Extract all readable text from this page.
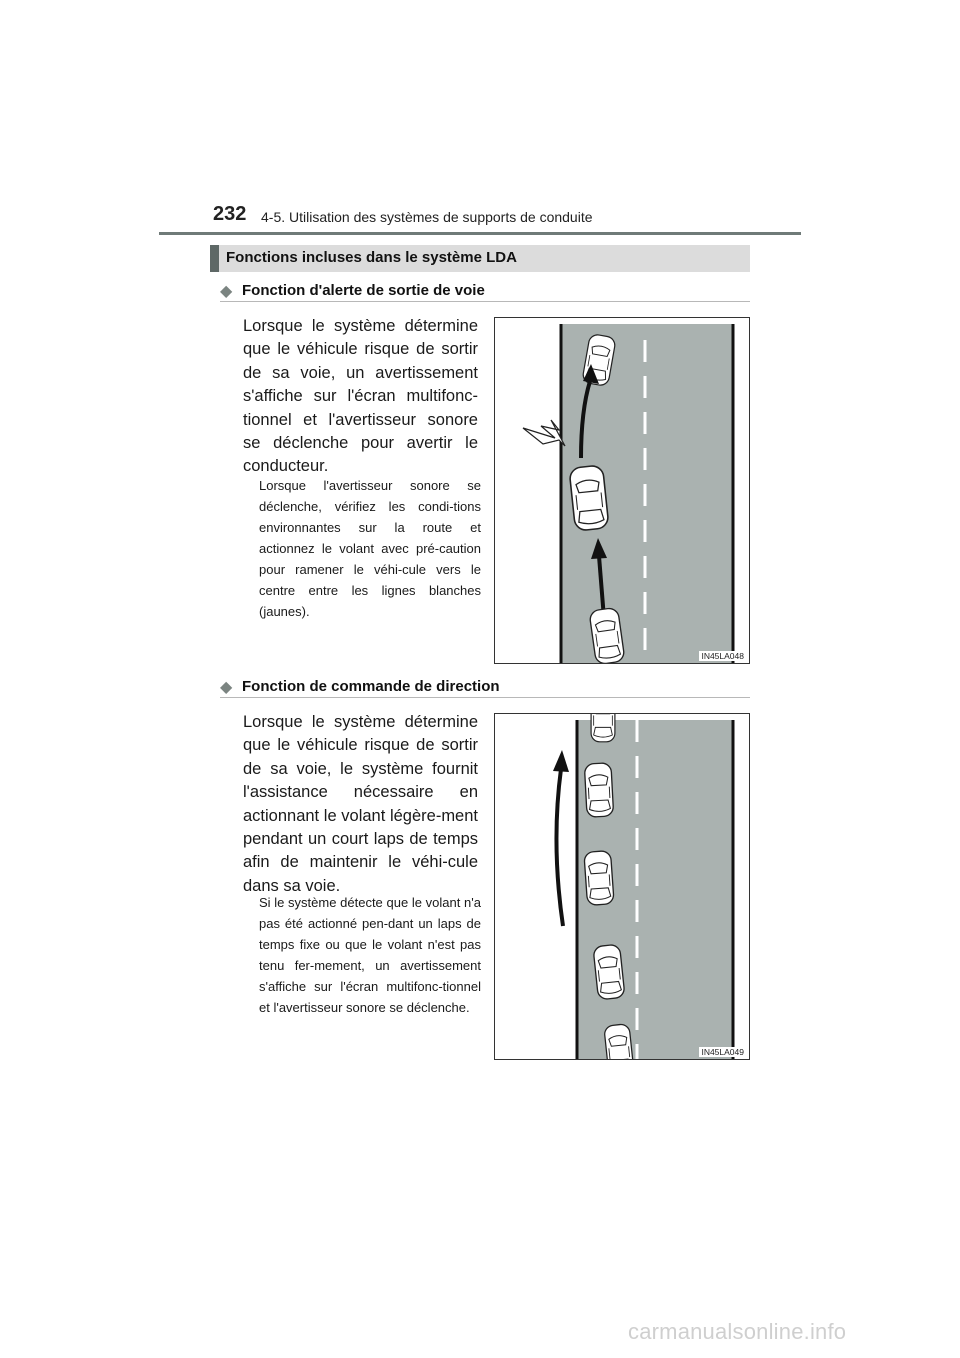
232 4-5. Utilisation des systèmes de supports de conduite
Fonctions incluses dans le système LDA
◆ Fonction d'alerte de sortie de voie
Lorsque le système détermine que le véhicule risque de sortir de sa voie, un avertissement s'affiche sur l'écran multifonc-tionnel et l'avertisseur sonore se déclenche pour avertir le conducteur.
Lorsque l'avertisseur sonore se déclenche, vérifiez les condi-tions environnantes sur la route et actionnez le volant avec pré-caution pour ramener le véhi-cule vers le centre entre les lignes blanches (jaunes).
IN45LA048
◆ Fonction de commande de direction
Lorsque le système détermine que le véhicule risque de sortir de sa voie, le système fournit l'assistance nécessaire en actionnant le volant légère-ment pendant un court laps de temps afin de maintenir le véhi-cule dans sa voie.
Si le système détecte que le volant n'a pas été actionné pen-dant un laps de temps fixe ou que le volant n'est pas tenu fer-mement, un avertissement s'affiche sur l'écran multifonc-tionnel et l'avertisseur sonore se déclenche.
IN45LA049
carmanualsonline.info
